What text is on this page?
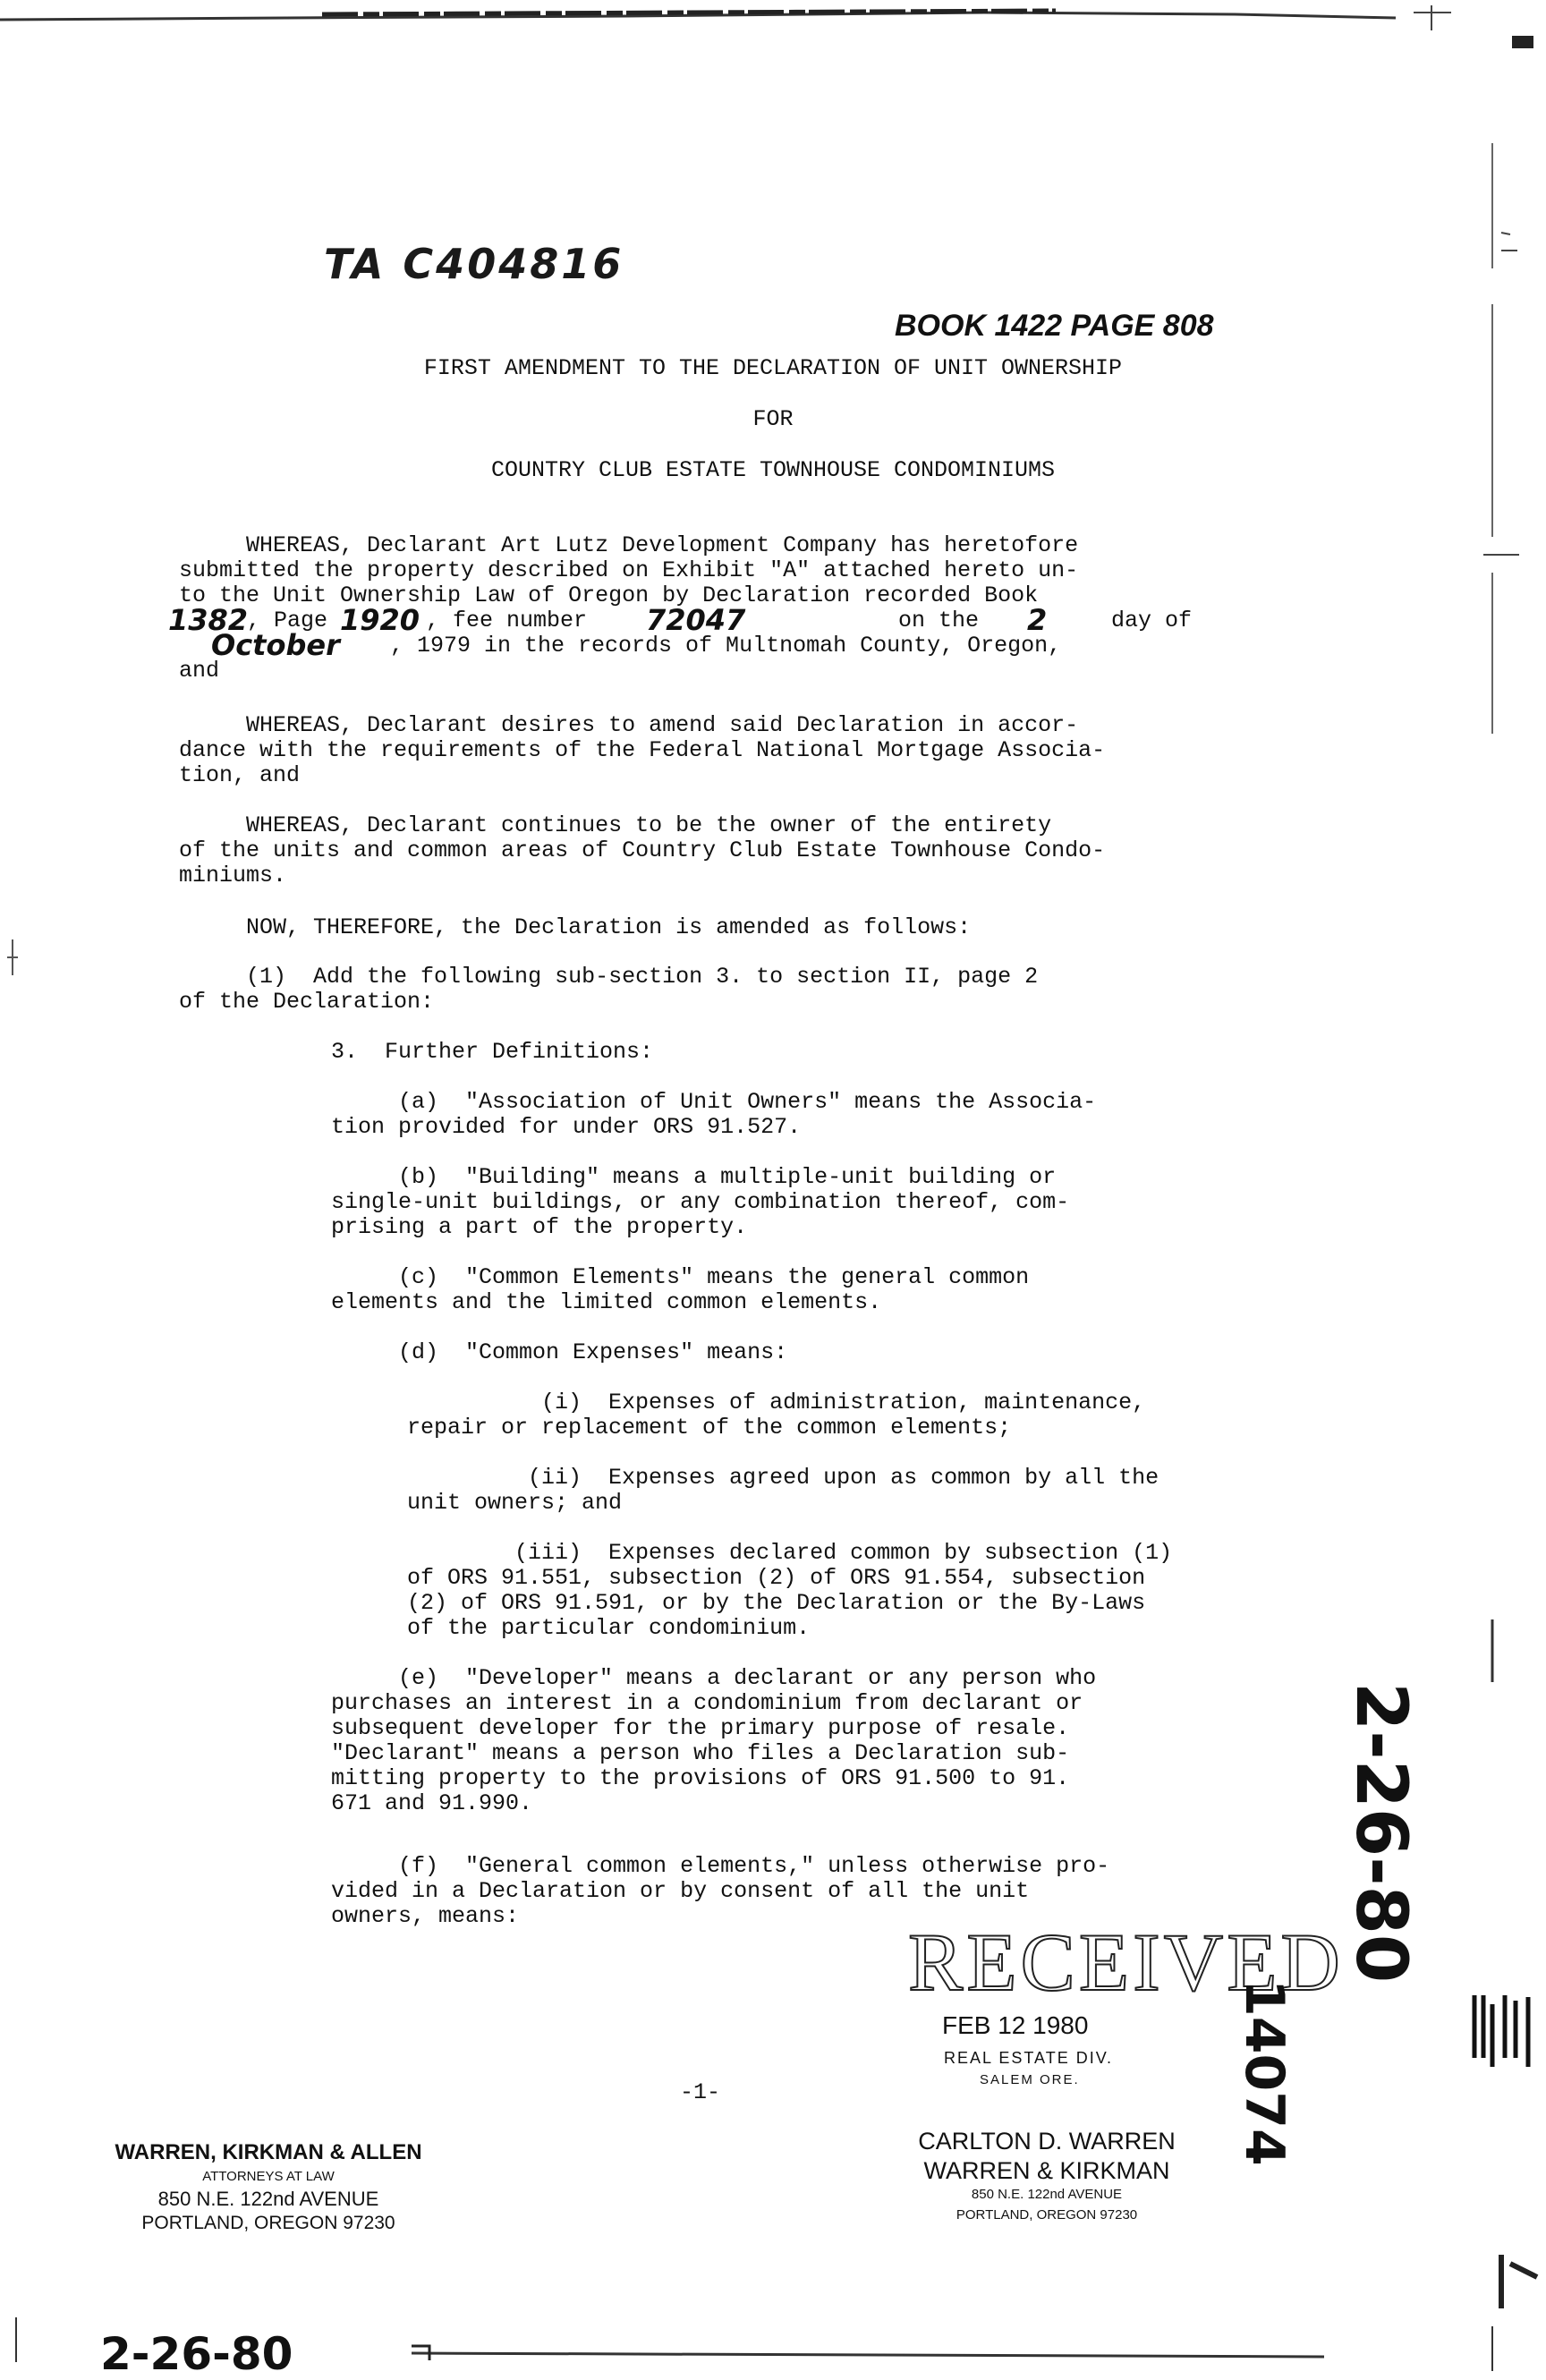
TA C404816
BOOK 1422 PAGE 808
FIRST AMENDMENT TO THE DECLARATION OF UNIT OWNERSHIP
FOR
COUNTRY CLUB ESTATE TOWNHOUSE CONDOMINIUMS
WHEREAS, Declarant Art Lutz Development Company has heretofore
submitted the property described on Exhibit "A" attached hereto un-
to the Unit Ownership Law of Oregon by Declaration recorded Book
1382
, Page 1920 , fee number 72047	on the 2	day of
October , 1979 in the records of Multnomah County, Oregon,
and
WHEREAS, Declarant desires to amend said Declaration in accor-
dance with the requirements of the Federal National Mortgage Associa-
tion, and
WHEREAS, Declarant continues to be the owner of the entirety
of the units and common areas of Country Club Estate Townhouse Condo-
miniums.
NOW, THEREFORE, the Declaration is amended as follows:
(1)  Add the following sub-section 3. to section II, page 2
of the Declaration:
3.  Further Definitions:
(a)  "Association of Unit Owners" means the Associa-
tion provided for under ORS 91.527.
(b)  "Building" means a multiple-unit building or
single-unit buildings, or any combination thereof, com-
prising a part of the property.
(c)  "Common Elements" means the general common
elements and the limited common elements.
(d)  "Common Expenses" means:
(i)  Expenses of administration, maintenance,
repair or replacement of the common elements;
(ii)  Expenses agreed upon as common by all the
unit owners; and
(iii)  Expenses declared common by subsection (1)
of ORS 91.551, subsection (2) of ORS 91.554, subsection
(2) of ORS 91.591, or by the Declaration or the By-Laws
of the particular condominium.
(e)  "Developer" means a declarant or any person who
purchases an interest in a condominium from declarant or
subsequent developer for the primary purpose of resale.
"Declarant" means a person who files a Declaration sub-
mitting property to the provisions of ORS 91.500 to 91.
671 and 91.990.
(f)  "General common elements," unless otherwise pro-
vided in a Declaration or by consent of all the unit
owners, means:
RECEIVED
FEB 12 1980
REAL ESTATE DIV.
SALEM ORE.
2-26-80
14074
-1-
WARREN, KIRKMAN & ALLEN
ATTORNEYS AT LAW
850 N.E. 122nd AVENUE
PORTLAND, OREGON 97230
CARLTON D. WARREN
WARREN & KIRKMAN
850 N.E. 122nd AVENUE
PORTLAND, OREGON 97230
2-26-80
